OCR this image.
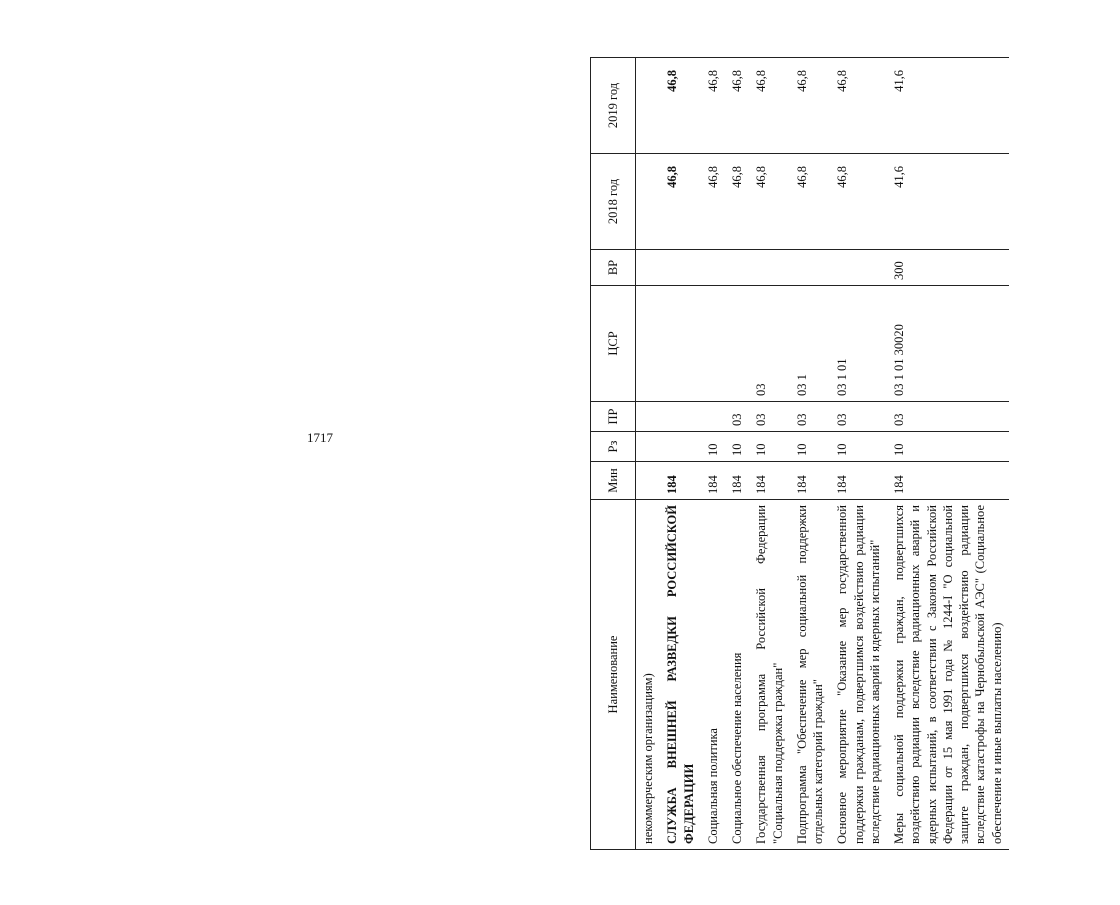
1717
Наименование	Мин	Рз	ПР	ЦСР	ВР	2018 год	2019 год
некоммерческим организациям)							
СЛУЖБА ВНЕШНЕЙ РАЗВЕДКИ РОССИЙСКОЙ ФЕДЕРАЦИИ	184					46,8	46,8
Социальная политика	184	10				46,8	46,8
Социальное обеспечение населения	184	10	03			46,8	46,8
Государственная программа Российской Федерации "Социальная поддержка граждан"	184	10	03	03		46,8	46,8
Подпрограмма "Обеспечение мер социальной поддержки отдельных категорий граждан"	184	10	03	03 1		46,8	46,8
Основное мероприятие "Оказание мер государственной поддержки гражданам, подвергшимся воздействию радиации вследствие радиационных аварий и ядерных испытаний"	184	10	03	03 1 01		46,8	46,8
Меры социальной поддержки граждан, подвергшихся воздействию радиации вследствие радиационных аварий и ядерных испытаний, в соответствии с Законом Российской Федерации от 15 мая 1991 года № 1244-I "О социальной защите граждан, подвергшихся воздействию радиации вследствие катастрофы на Чернобыльской АЭС" (Социальное обеспечение и иные выплаты населению)	184	10	03	03 1 01 30020	300	41,6	41,6
